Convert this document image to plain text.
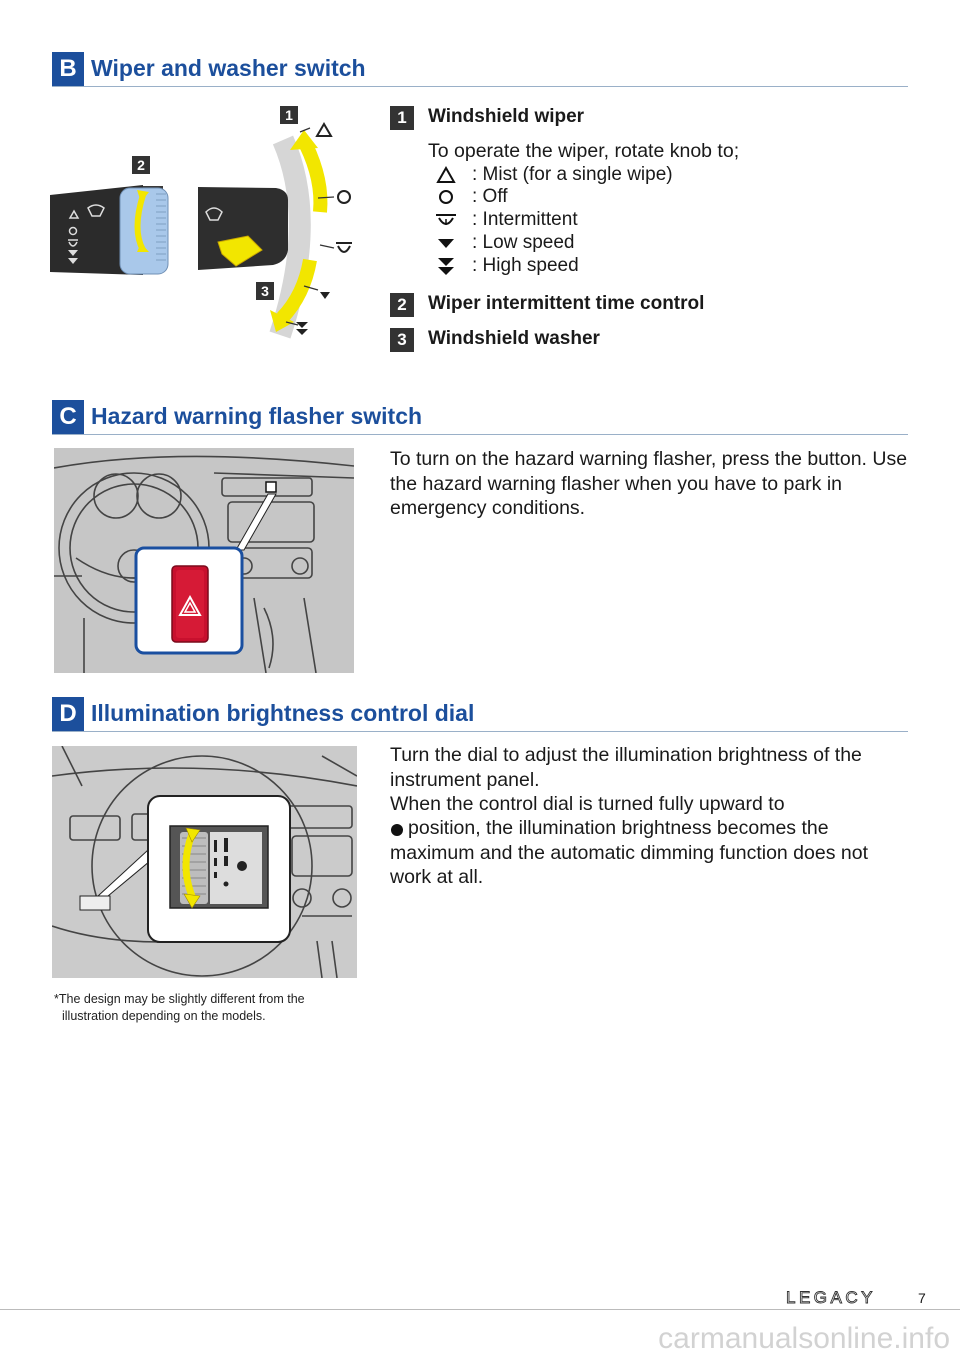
B Wiper and washer switch
1
2
3
1	Windshield wiper
To operate the wiper, rotate knob to;
: Mist (for a single wipe)
: Off
: Intermittent
: Low speed
: High speed
2	Wiper intermittent time control
3	Windshield washer
C Hazard warning flasher switch
To turn on the hazard warning flasher, press the button. Use the hazard warning flasher when you have to park in emergency conditions.
D Illumination brightness control dial
Turn the dial to adjust the illumination brightness of the instrument panel.
When the control dial is turned fully upward to
position, the illumination brightness becomes the maximum and the automatic dimming function does not work at all.
*The design may be slightly different from the illustration depending on the models.
LEGACY	7
carmanualsonline.info
